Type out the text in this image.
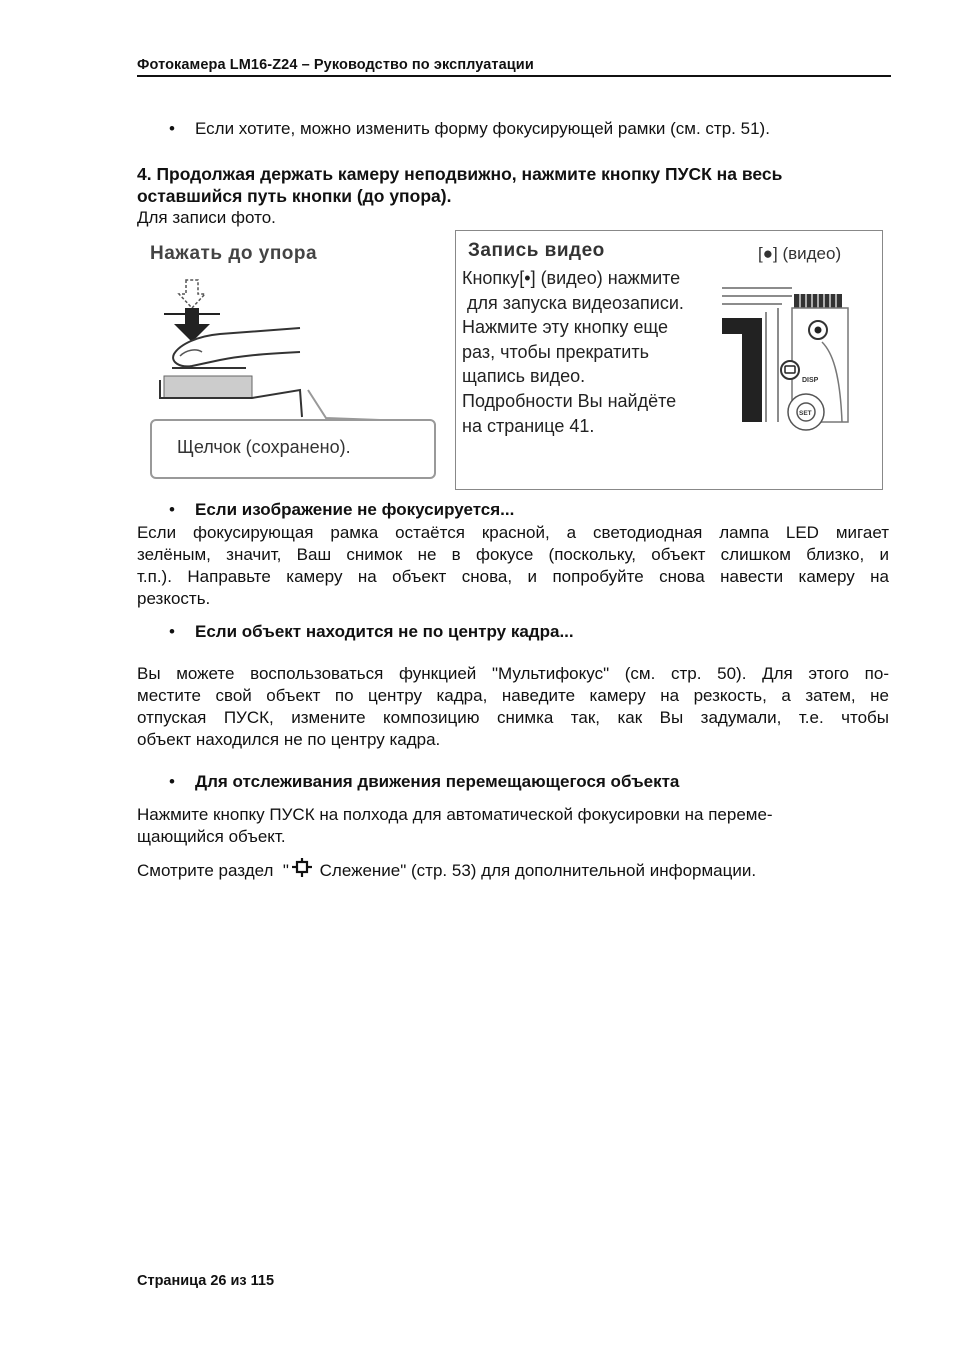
Фотокамера LM16-Z24 – Руководство по эксплуатации
•	Если хотите, можно изменить форму фокусирующей рамки (см. стр. 51).
4. Продолжая держать камеру неподвижно, нажмите кнопку ПУСК на весь
оставшийся путь кнопки (до упора).
Для записи фото.
Нажать до упора
Щелчок (сохранено).
Запись видео	[●] (видео)
Кнопку[•] (видео) нажмите
для запуска видеозаписи.
Нажмите эту кнопку еще
раз, чтобы прекратить
щапись видео.
Подробности Вы найдёте
на странице 41.
DISP
SET
•	Если изображение не фокусируется...
Если фокусирующая рамка остаётся красной, а светодиодная лампа LED мигает
зелёным, значит, Ваш снимок не в фокусе (поскольку, объект слишком близко, и
т.п.). Направьте камеру на объект снова, и попробуйте снова навести камеру на
резкость.
•	Если объект находится не по центру кадра...
Вы можете воспользоваться функцией "Мультифокус" (см. стр. 50). Для этого по-
местите свой объект по центру кадра, наведите камеру на резкость, а затем, не
отпуская ПУСК, измените композицию снимка так, как Вы задумали, т.е. чтобы
объект находился не по центру кадра.
•	Для отслеживания движения перемещающегося объекта
Нажмите кнопку ПУСК на полхода для автоматической фокусировки на переме-
щающийся объект.
Смотрите раздел  " Слежение" (стр. 53) для дополнительной информации.
Страница 26 из 115
